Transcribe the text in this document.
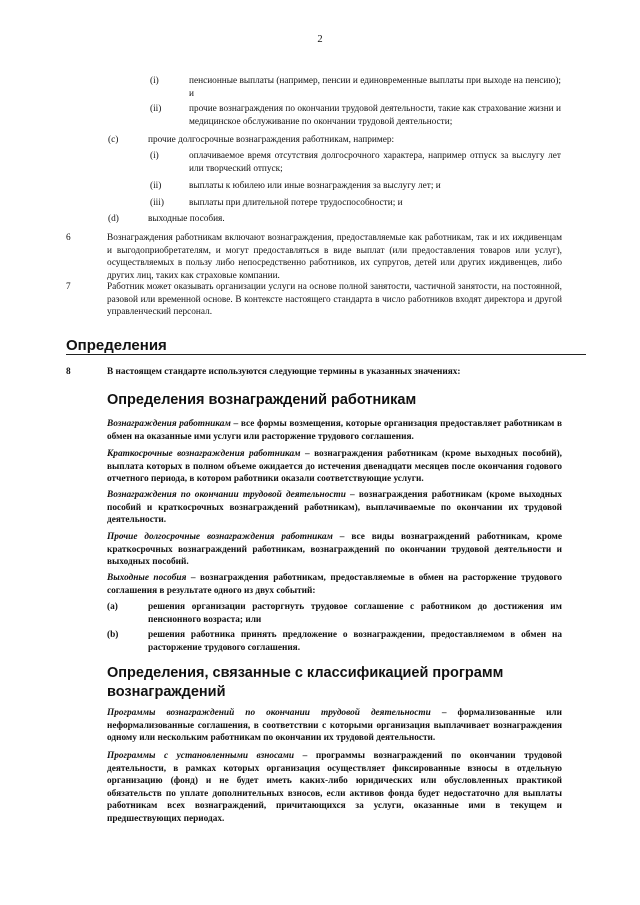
2
(i)	пенсионные выплаты (например, пенсии и единовременные выплаты при выходе на пенсию); и
(ii)	прочие вознаграждения по окончании трудовой деятельности, такие как страхование жизни и медицинское обслуживание по окончании трудовой деятельности;
(c)	прочие долгосрочные вознаграждения работникам, например:
(i)	оплачиваемое время отсутствия долгосрочного характера, например отпуск за выслугу лет или творческий отпуск;
(ii)	выплаты к юбилею или иные вознаграждения за выслугу лет; и
(iii)	выплаты при длительной потере трудоспособности; и
(d)	выходные пособия.
6	Вознаграждения работникам включают вознаграждения, предоставляемые как работникам, так и их иждивенцам и выгодоприобретателям, и могут предоставляться в виде выплат (или предоставления товаров или услуг), осуществляемых в пользу либо непосредственно работников, их супругов, детей или других иждивенцев, либо других лиц, таких как страховые компании.
7	Работник может оказывать организации услуги на основе полной занятости, частичной занятости, на постоянной, разовой или временной основе. В контексте настоящего стандарта в число работников входят директора и другой управленческий персонал.
Определения
8	В настоящем стандарте используются следующие термины в указанных значениях:
Определения вознаграждений работникам
Вознаграждения работникам – все формы возмещения, которые организация предоставляет работникам в обмен на оказанные ими услуги или расторжение трудового соглашения.
Краткосрочные вознаграждения работникам – вознаграждения работникам (кроме выходных пособий), выплата которых в полном объеме ожидается до истечения двенадцати месяцев после окончания годового отчетного периода, в котором работники оказали соответствующие услуги.
Вознаграждения по окончании трудовой деятельности – вознаграждения работникам (кроме выходных пособий и краткосрочных вознаграждений работникам), выплачиваемые по окончании их трудовой деятельности.
Прочие долгосрочные вознаграждения работникам – все виды вознаграждений работникам, кроме краткосрочных вознаграждений работникам, вознаграждений по окончании трудовой деятельности и выходных пособий.
Выходные пособия – вознаграждения работникам, предоставляемые в обмен на расторжение трудового соглашения в результате одного из двух событий:
(a)	решения организации расторгнуть трудовое соглашение с работником до достижения им пенсионного возраста; или
(b)	решения работника принять предложение о вознаграждении, предоставляемом в обмен на расторжение трудового соглашения.
Определения, связанные с классификацией программ вознаграждений
Программы вознаграждений по окончании трудовой деятельности – формализованные или неформализованные соглашения, в соответствии с которыми организация выплачивает вознаграждения одному или нескольким работникам по окончании их трудовой деятельности.
Программы с установленными взносами – программы вознаграждений по окончании трудовой деятельности, в рамках которых организация осуществляет фиксированные взносы в отдельную организацию (фонд) и не будет иметь каких-либо юридических или обусловленных практикой обязательств по уплате дополнительных взносов, если активов фонда будет недостаточно для выплаты работникам всех вознаграждений, причитающихся за услуги, оказанные ими в текущем и предшествующих периодах.
